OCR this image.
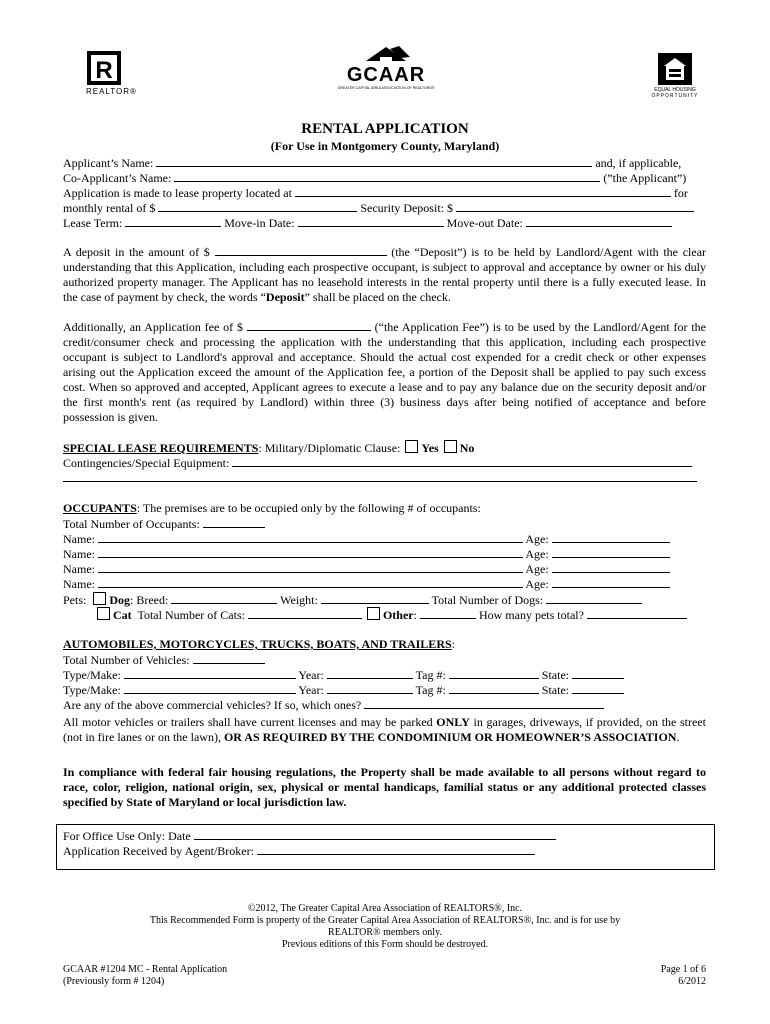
R
REALTOR®
GCAAR
GREATER CAPITAL AREA ASSOCIATION OF REALTORS®	EQUAL HOUSING
OPPORTUNITY
RENTAL APPLICATION
(For Use in Montgomery County, Maryland)
Applicant’s Name:	and, if applicable,
Co-Applicant’s Name:	(”the Applicant”)
Application is made to lease property located at	for
monthly rental of $	Security Deposit: $
Lease Term:	Move-in Date:	Move-out Date:
A deposit in the amount of $	(the “Deposit”) is to be held by Landlord/Agent with the clear understanding that this Application, including each prospective occupant, is subject to approval and acceptance by owner or his duly authorized property manager. The Applicant has no leasehold interests in the rental property until there is a fully executed lease. In the case of payment by check, the words “Deposit” shall be placed on the check.
Additionally, an Application fee of $	(“the Application Fee”) is to be used by the Landlord/Agent for the credit/consumer check and processing the application with the understanding that this application, including each prospective occupant is subject to Landlord's approval and acceptance. Should the actual cost expended for a credit check or other expenses arising out the Application exceed the amount of the Application fee, a portion of the Deposit shall be applied to pay such excess cost. When so approved and accepted, Applicant agrees to execute a lease and to pay any balance due on the security deposit and/or the first month's rent (as required by Landlord) within three (3) business days after being notified of acceptance and before possession is given.
SPECIAL LEASE REQUIREMENTS: Military/Diplomatic Clause: Yes No
Contingencies/Special Equipment:
OCCUPANTS: The premises are to be occupied only by the following # of occupants:
Total Number of Occupants:
Name:	Age:
Name:	Age:
Name:	Age:
Name:	Age:
Pets: Dog: Breed:	Weight:	Total Number of Dogs:
Cat Total Number of Cats:	Other:	How many pets total?
AUTOMOBILES, MOTORCYCLES, TRUCKS, BOATS, AND TRAILERS:
Total Number of Vehicles:
Type/Make:	Year:	Tag #:	State:
Type/Make:	Year:	Tag #:	State:
Are any of the above commercial vehicles? If so, which ones?
All motor vehicles or trailers shall have current licenses and may be parked ONLY in garages, driveways, if provided, on the street (not in fire lanes or on the lawn), OR AS REQUIRED BY THE CONDOMINIUM OR HOMEOWNER’S ASSOCIATION.
In compliance with federal fair housing regulations, the Property shall be made available to all persons without regard to race, color, religion, national origin, sex, physical or mental handicaps, familial status or any additional protected classes specified by State of Maryland or local jurisdiction law.
For Office Use Only: Date
Application Received by Agent/Broker:
©2012, The Greater Capital Area Association of REALTORS®, Inc.
This Recommended Form is property of the Greater Capital Area Association of REALTORS®, Inc. and is for use by
REALTOR® members only.
Previous editions of this Form should be destroyed.
GCAAR #1204 MC - Rental Application
(Previously form # 1204)
Page 1 of 6
6/2012
